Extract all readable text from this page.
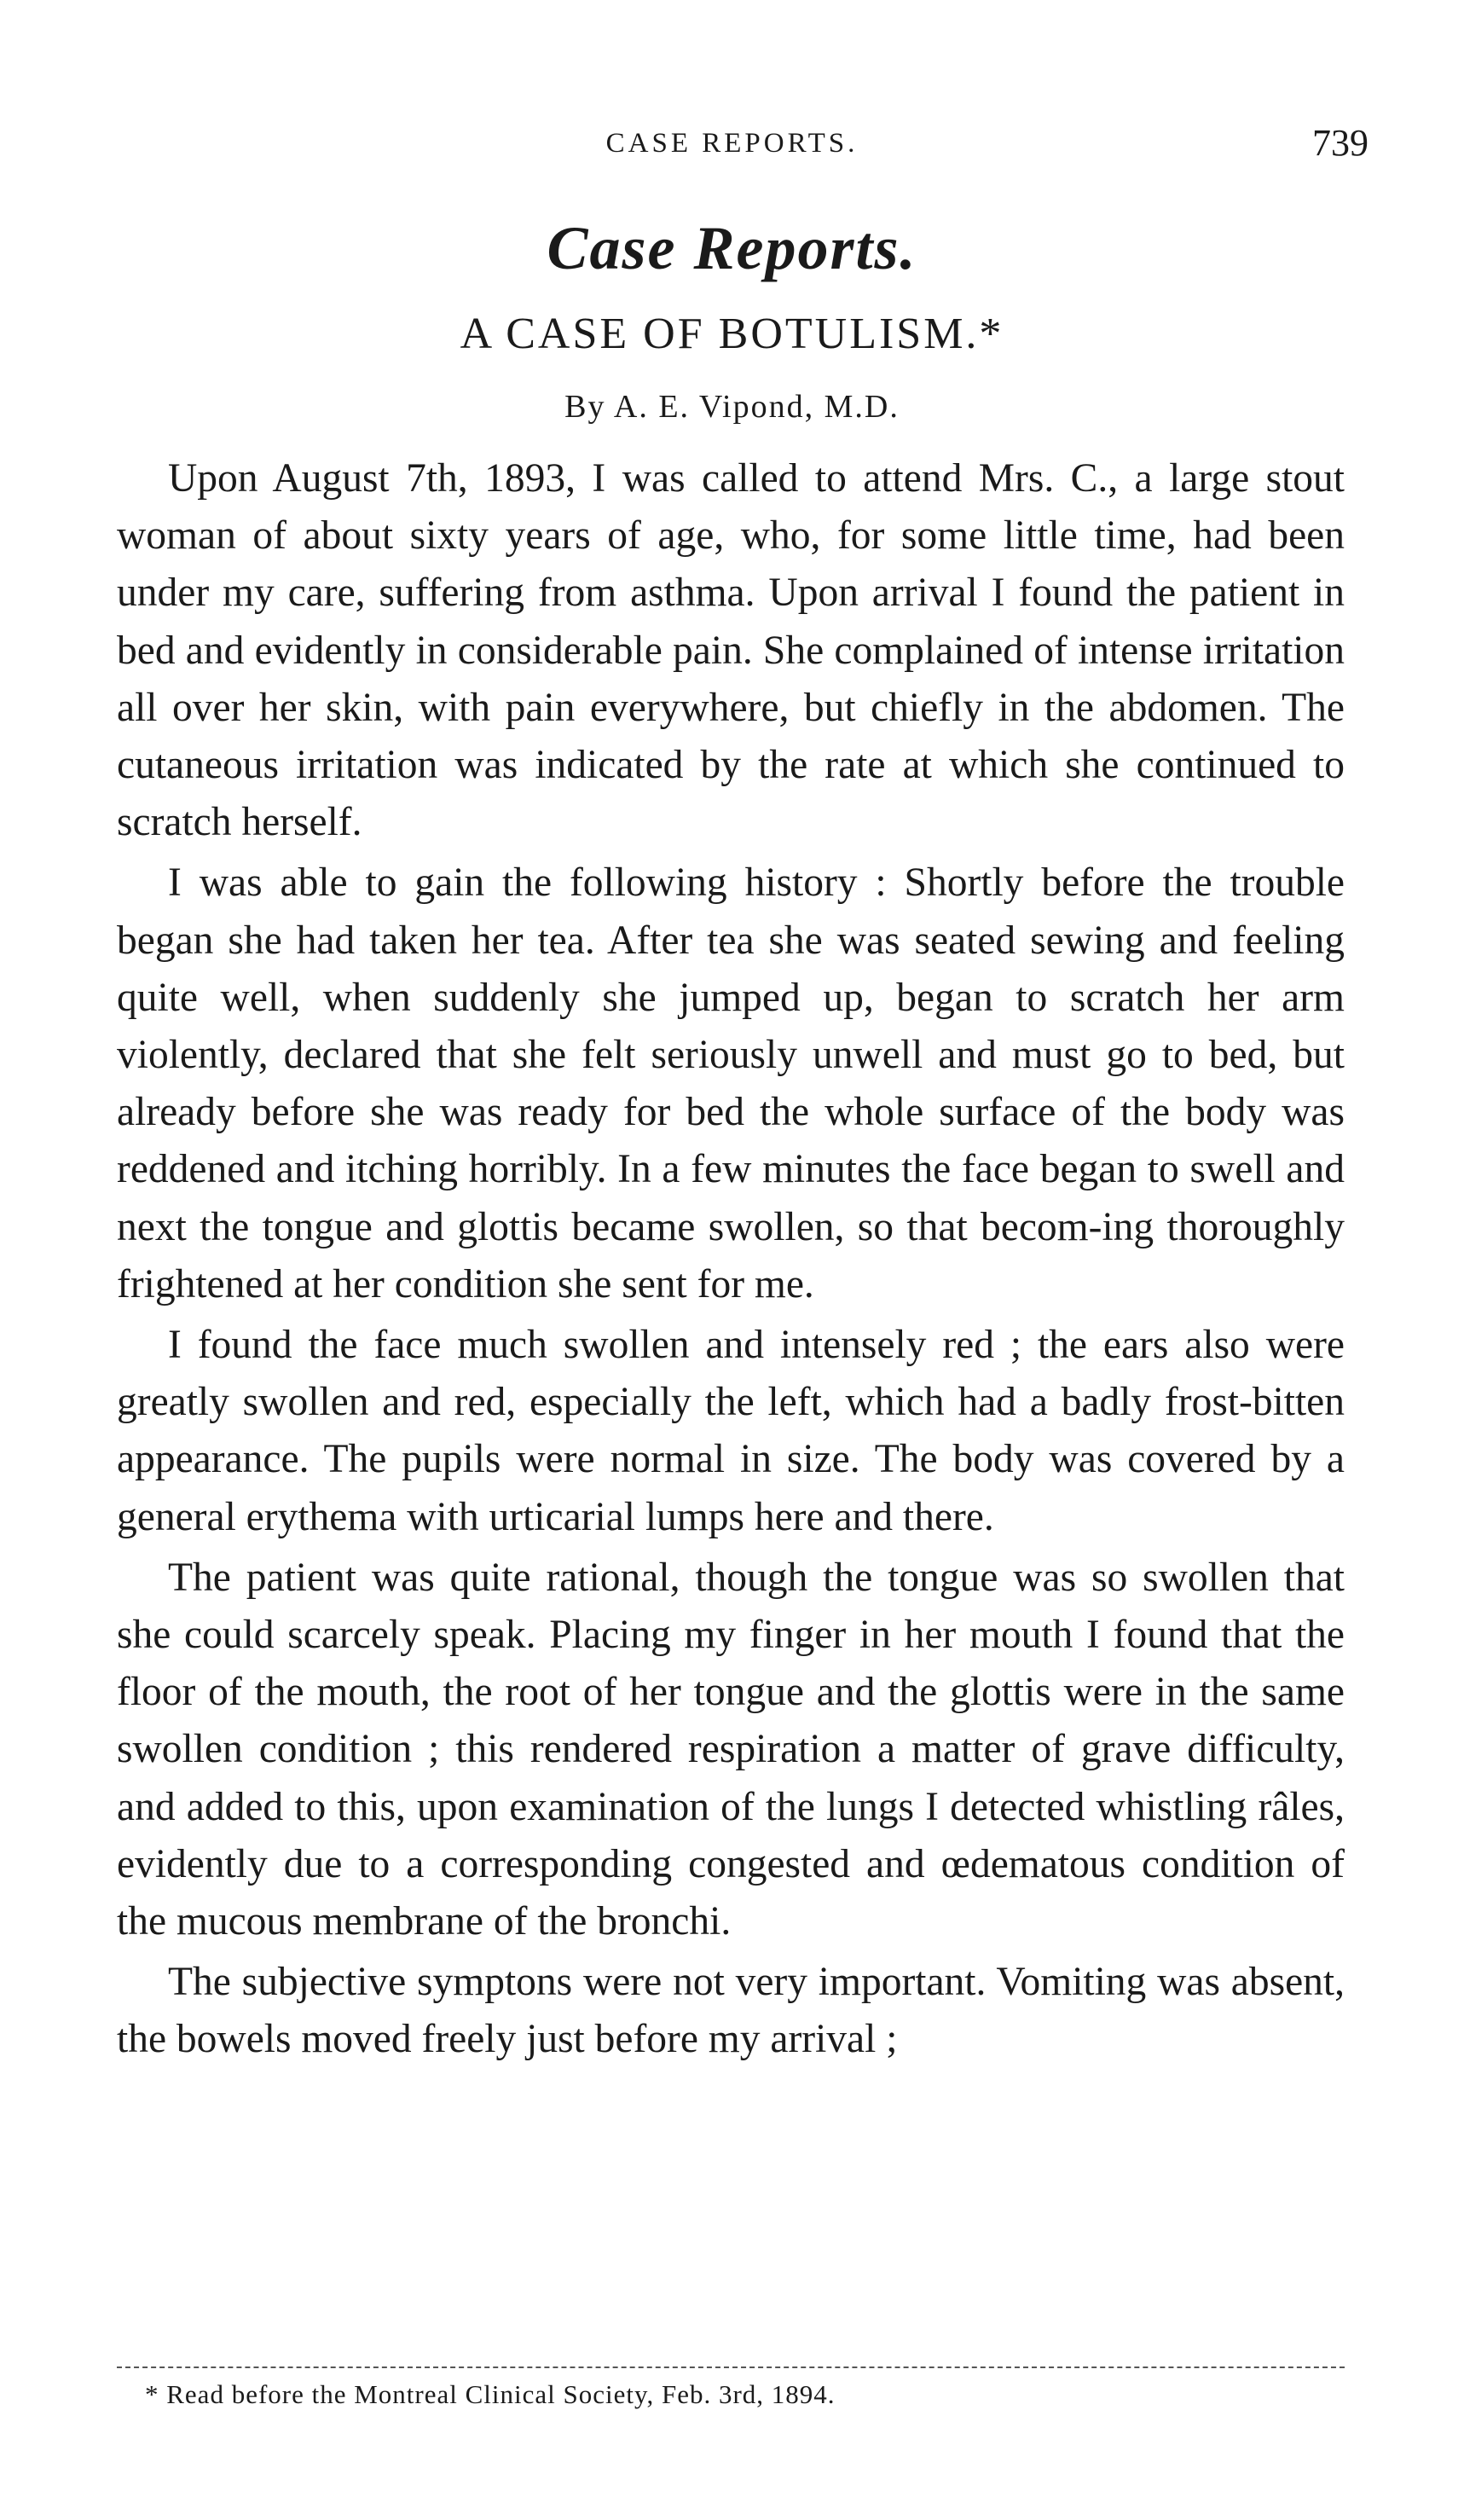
CASE REPORTS.	739
Case Reports.
A CASE OF BOTULISM.*
By A. E. Vipond, M.D.

Upon August 7th, 1893, I was called to attend Mrs. C., a large stout woman of about sixty years of age, who, for some little time, had been under my care, suffering from asthma. Upon arrival I found the patient in bed and evidently in considerable pain. She complained of intense irritation all over her skin, with pain everywhere, but chiefly in the abdomen. The cutaneous irritation was indicated by the rate at which she continued to scratch herself.

I was able to gain the following history : Shortly before the trouble began she had taken her tea. After tea she was seated sewing and feeling quite well, when suddenly she jumped up, began to scratch her arm violently, declared that she felt seriously unwell and must go to bed, but already before she was ready for bed the whole surface of the body was reddened and itching horribly. In a few minutes the face began to swell and next the tongue and glottis became swollen, so that becom-ing thoroughly frightened at her condition she sent for me.

I found the face much swollen and intensely red ; the ears also were greatly swollen and red, especially the left, which had a badly frost-bitten appearance. The pupils were normal in size. The body was covered by a general erythema with urticarial lumps here and there.

The patient was quite rational, though the tongue was so swollen that she could scarcely speak. Placing my finger in her mouth I found that the floor of the mouth, the root of her tongue and the glottis were in the same swollen condition ; this rendered respiration a matter of grave difficulty, and added to this, upon examination of the lungs I detected whistling râles, evidently due to a corresponding congested and œdematous condition of the mucous membrane of the bronchi.

The subjective symptons were not very important. Vomiting was absent, the bowels moved freely just before my arrival ;

* Read before the Montreal Clinical Society, Feb. 3rd, 1894.
